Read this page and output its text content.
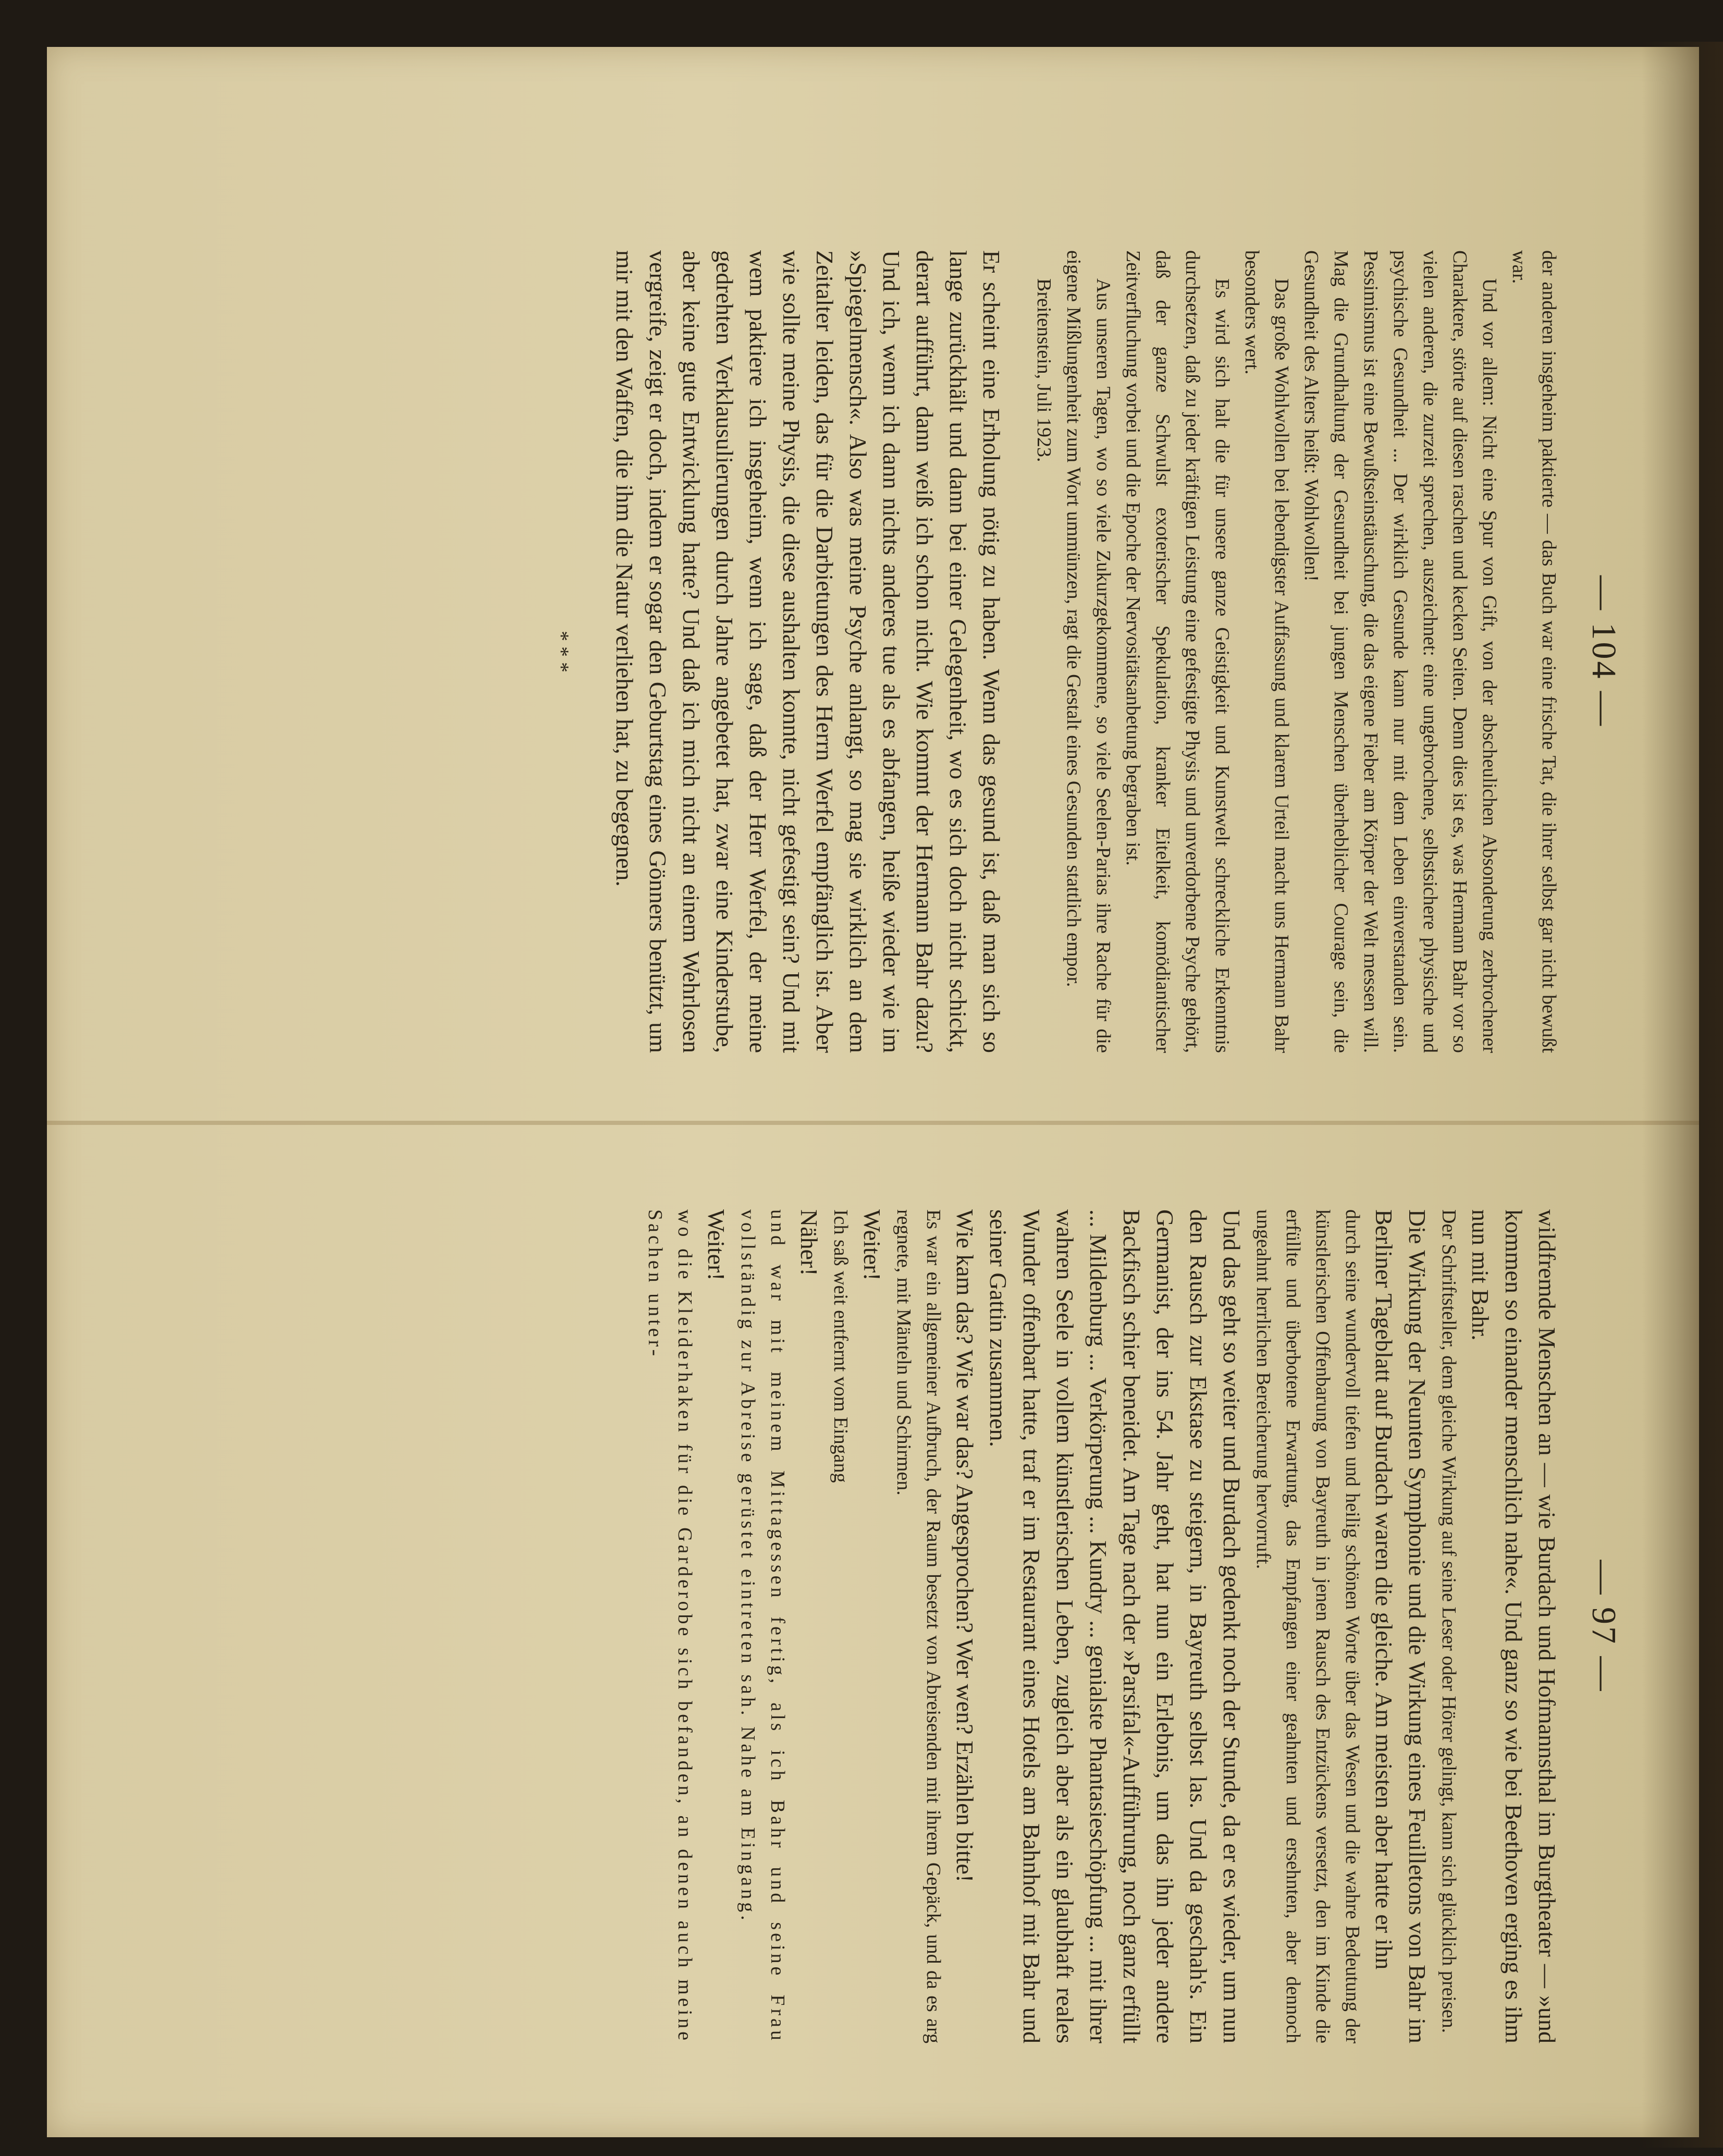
— 104 —

der anderen insgeheim paktierte — das Buch war eine frische Tat, die ihrer selbst gar nicht bewußt war.

Und vor allem: Nicht eine Spur von Gift, von der abscheulichen Absonderung zerbrochener Charaktere, störte auf diesen raschen und kecken Seiten. Denn dies ist es, was Hermann Bahr vor so vielen anderen, die zurzeit sprechen, auszeichnet: eine ungebrochene, selbstsichere physische und psychische Gesundheit ... Der wirklich Gesunde kann nur mit dem Leben einverstanden sein. Pessimismus ist eine Bewußtseinstäuschung, die das eigene Fieber am Körper der Welt messen will. Mag die Grundhaltung der Gesundheit bei jungen Menschen überheblicher Courage sein, die Gesundheit des Alters heißt: Wohlwollen!

Das große Wohlwollen bei lebendigster Auffassung und klarem Urteil macht uns Hermann Bahr besonders wert.

Es wird sich halt die für unsere ganze Geistigkeit und Kunstwelt schreckliche Erkenntnis durchsetzen, daß zu jeder kräftigen Leistung eine gefestigte Physis und unverdorbene Psyche gehört, daß der ganze Schwulst exoterischer Spekulation, kranker Eitelkeit, komödiantischer Zeitverfluchung vorbei und die Epoche der Nervositätsanbetung begraben ist.

Aus unseren Tagen, wo so viele Zukurzgekommene, so viele Seelen-Parias ihre Rache für die eigene Mißlungenheit zum Wort ummünzen, ragt die Gestalt eines Gesunden stattlich empor.

Breitenstein, Juli 1923.

Er scheint eine Erholung nötig zu haben. Wenn das gesund ist, daß man sich so lange zurückhält und dann bei einer Gelegenheit, wo es sich doch nicht schickt, derart aufführt, dann weiß ich schon nicht. Wie kommt der Hermann Bahr dazu? Und ich, wenn ich dann nichts anderes tue als es abfangen, heiße wieder wie im »Spiegelmensch«. Also was meine Psyche anlangt, so mag sie wirklich an dem Zeitalter leiden, das für die Darbietungen des Herrn Werfel empfänglich ist. Aber wie sollte meine Physis, die diese aushalten konnte, nicht gefestigt sein? Und mit wem paktiere ich insgeheim, wenn ich sage, daß der Herr Werfel, der meine gedrehten Verklausulierungen durch Jahre angebetet hat, zwar eine Kinderstube, aber keine gute Entwicklung hatte? Und daß ich mich nicht an einem Wehrlosen vergreife, zeigt er doch, indem er sogar den Geburtstag eines Gönners benützt, um mir mit den Waffen, die ihm die Natur verliehen hat, zu begegnen.

* * *
— 97 —

wildfremde Menschen an — wie Burdach und Hofmannsthal im Burgtheater — »und kommen so einander menschlich nahe«. Und ganz so wie bei Beethoven erging es ihm nun mit Bahr.

Der Schriftsteller, dem gleiche Wirkung auf seine Leser oder Hörer gelingt, kann sich glücklich preisen.

Die Wirkung der Neunten Symphonie und die Wirkung eines Feuilletons von Bahr im Berliner Tageblatt auf Burdach waren die gleiche. Am meisten aber hatte er ihn

durch seine wundervoll tiefen und heilig schönen Worte über das Wesen und die wahre Bedeutung der künstlerischen Offenbarung von Bayreuth in jenen Rausch des Entzückens versetzt, den im Kinde die erfüllte und überbotene Erwartung, das Empfangen einer geahnten und ersehnten, aber dennoch ungeahnt herrlichen Bereicherung hervorruft.

Und das geht so weiter und Burdach gedenkt noch der Stunde, da er es wieder, um nun den Rausch zur Ekstase zu steigern, in Bayreuth selbst las. Und da geschah's. Ein Germanist, der ins 54. Jahr geht, hat nun ein Erlebnis, um das ihn jeder andere Backfisch schier beneidet. Am Tage nach der »Parsifal«-Aufführung, noch ganz erfüllt ... Mildenburg ... Verkörperung ... Kundry ... genialste Phantasieschöpfung ... mit ihrer wahren Seele in vollem künstlerischen Leben, zugleich aber als ein glaubhaft reales Wunder offenbart hatte, traf er im Restaurant eines Hotels am Bahnhof mit Bahr und seiner Gattin zusammen.

Wie kam das? Wie war das? Angesprochen? Wer wen? Erzählen bitte!

Es war ein allgemeiner Aufbruch, der Raum besetzt von Abreisenden mit ihrem Gepäck, und da es arg regnete, mit Mänteln und Schirmen.

Weiter!

Ich saß weit entfernt vom Eingang

Näher!

und war mit meinem Mittagessen fertig, als ich Bahr und seine Frau vollständig zur Abreise gerüstet eintreten sah. Nahe am Eingang.

Weiter!

wo die Kleiderhaken für die Garderobe sich befanden, an denen auch meine Sachen unter-
